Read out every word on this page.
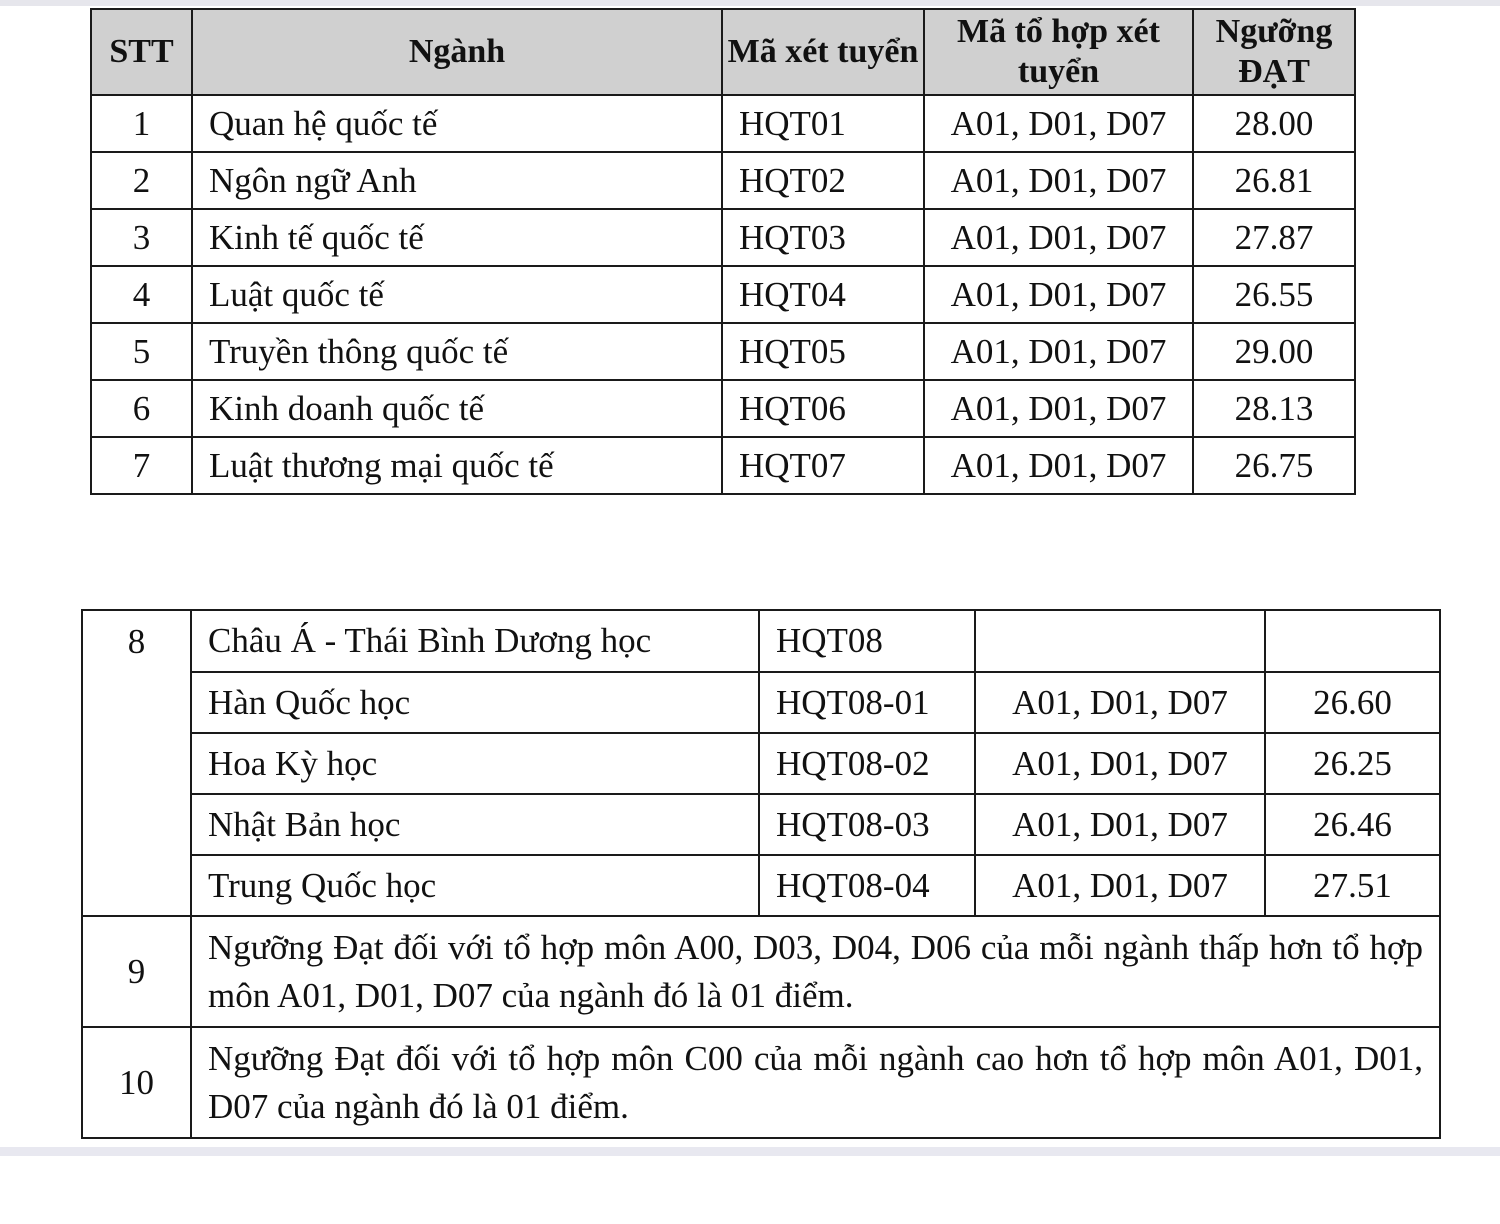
STT	Ngành	Mã xét tuyển	Mã tổ hợp xét tuyển	Ngưỡng ĐẠT
1	Quan hệ quốc tế	HQT01	A01, D01, D07	28.00
2	Ngôn ngữ Anh	HQT02	A01, D01, D07	26.81
3	Kinh tế quốc tế	HQT03	A01, D01, D07	27.87
4	Luật quốc tế	HQT04	A01, D01, D07	26.55
5	Truyền thông quốc tế	HQT05	A01, D01, D07	29.00
6	Kinh doanh quốc tế	HQT06	A01, D01, D07	28.13
7	Luật thương mại quốc tế	HQT07	A01, D01, D07	26.75
8	Châu Á - Thái Bình Dương học	HQT08		
	Hàn Quốc học	HQT08-01	A01, D01, D07	26.60
	Hoa Kỳ học	HQT08-02	A01, D01, D07	26.25
	Nhật Bản học	HQT08-03	A01, D01, D07	26.46
	Trung Quốc học	HQT08-04	A01, D01, D07	27.51
9	Ngưỡng Đạt đối với tổ hợp môn A00, D03, D04, D06 của mỗi ngành thấp hơn tổ hợp môn A01, D01, D07 của ngành đó là 01 điểm.			
10	Ngưỡng Đạt đối với tổ hợp môn C00 của mỗi ngành cao hơn tổ hợp môn A01, D01, D07 của ngành đó là 01 điểm.			
